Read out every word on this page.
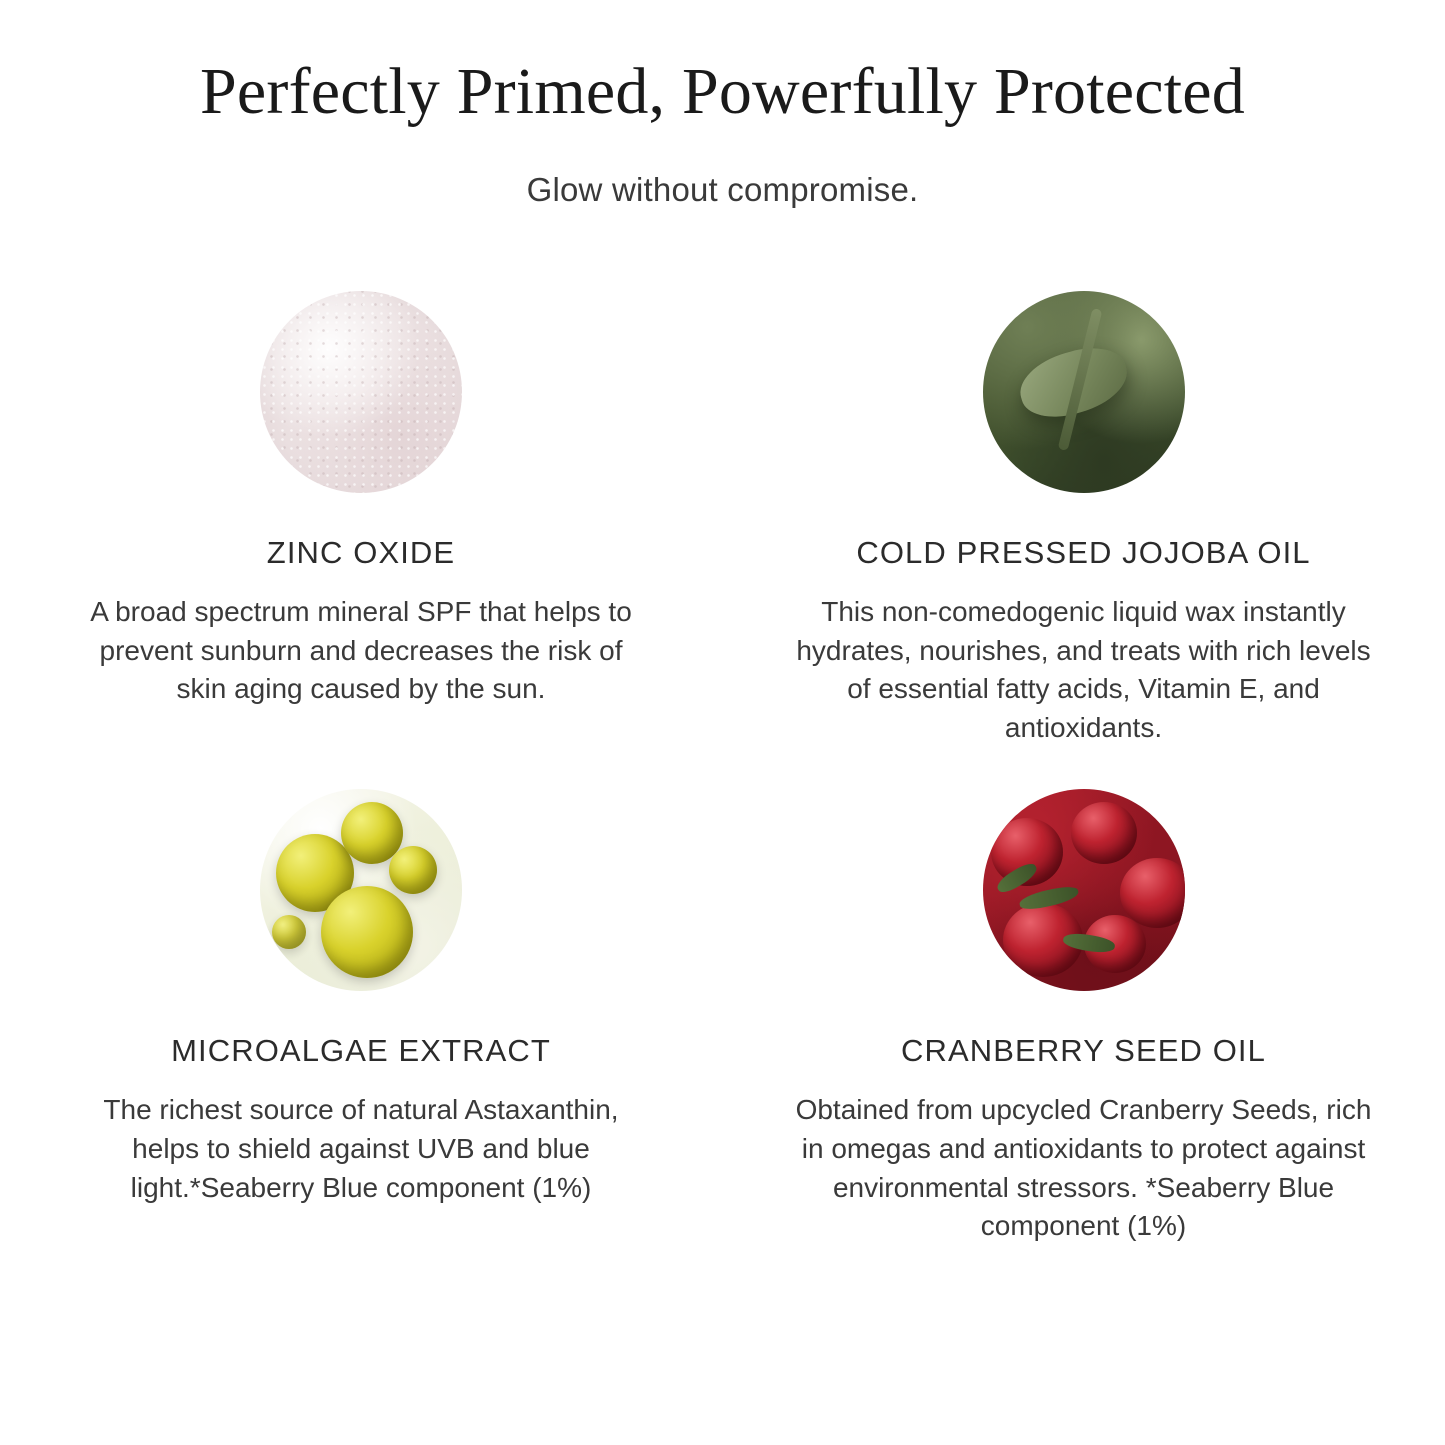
Perfectly Primed, Powerfully Protected

Glow without compromise.

ZINC OXIDE
A broad spectrum mineral SPF that helps to prevent sunburn and decreases the risk of skin aging caused by the sun.
COLD PRESSED JOJOBA OIL
This non-comedogenic liquid wax instantly hydrates, nourishes, and treats with rich levels of essential fatty acids, Vitamin E, and antioxidants.
MICROALGAE EXTRACT
The richest source of natural Astaxanthin, helps to shield against UVB and blue light.*Seaberry Blue component (1%)
CRANBERRY SEED OIL
Obtained from upcycled Cranberry Seeds, rich in omegas and antioxidants to protect against environmental stressors. *Seaberry Blue component (1%)
